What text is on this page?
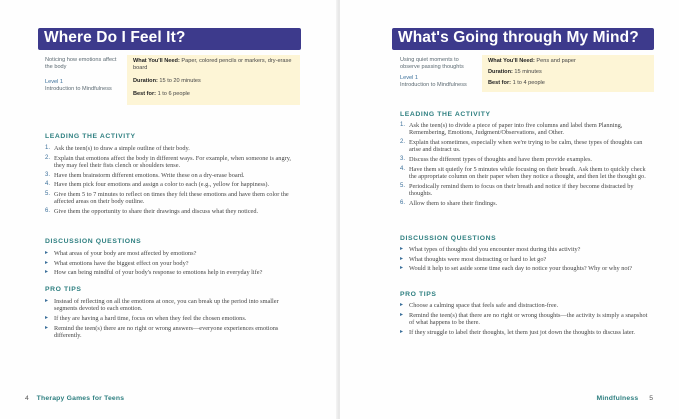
Where Do I Feel It?
Noticing how emotions affect the body
Level 1
Introduction to Mindfulness
What You'll Need: Paper, colored pencils or markers, dry-erase board
Duration: 15 to 20 minutes
Best for: 1 to 6 people
LEADING THE ACTIVITY
1. Ask the teen(s) to draw a simple outline of their body.
2. Explain that emotions affect the body in different ways. For example, when someone is angry, they may feel their fists clench or shoulders tense.
3. Have them brainstorm different emotions. Write these on a dry-erase board.
4. Have them pick four emotions and assign a color to each (e.g., yellow for happiness).
5. Give them 5 to 7 minutes to reflect on times they felt these emotions and have them color the affected areas on their body outline.
6. Give them the opportunity to share their drawings and discuss what they noticed.
DISCUSSION QUESTIONS
▸ What areas of your body are most affected by emotions?
▸ What emotions have the biggest effect on your body?
▸ How can being mindful of your body's response to emotions help in everyday life?
PRO TIPS
▸ Instead of reflecting on all the emotions at once, you can break up the period into smaller segments devoted to each emotion.
▸ If they are having a hard time, focus on when they feel the chosen emotions.
▸ Remind the teen(s) there are no right or wrong answers—everyone experiences emotions differently.
4 Therapy Games for Teens
What's Going through My Mind?
Using quiet moments to observe passing thoughts
Level 1
Introduction to Mindfulness
What You'll Need: Pens and paper
Duration: 15 minutes
Best for: 1 to 4 people
LEADING THE ACTIVITY
1. Ask the teen(s) to divide a piece of paper into five columns and label them Planning, Remembering, Emotions, Judgment/Observations, and Other.
2. Explain that sometimes, especially when we're trying to be calm, these types of thoughts can arise and distract us.
3. Discuss the different types of thoughts and have them provide examples.
4. Have them sit quietly for 5 minutes while focusing on their breath. Ask them to quickly check the appropriate column on their paper when they notice a thought, and then let the thought go.
5. Periodically remind them to focus on their breath and notice if they become distracted by thoughts.
6. Allow them to share their findings.
DISCUSSION QUESTIONS
▸ What types of thoughts did you encounter most during this activity?
▸ What thoughts were most distracting or hard to let go?
▸ Would it help to set aside some time each day to notice your thoughts? Why or why not?
PRO TIPS
▸ Choose a calming space that feels safe and distraction-free.
▸ Remind the teen(s) that there are no right or wrong thoughts—the activity is simply a snapshot of what happens to be there.
▸ If they struggle to label their thoughts, let them just jot down the thoughts to discuss later.
Mindfulness 5
